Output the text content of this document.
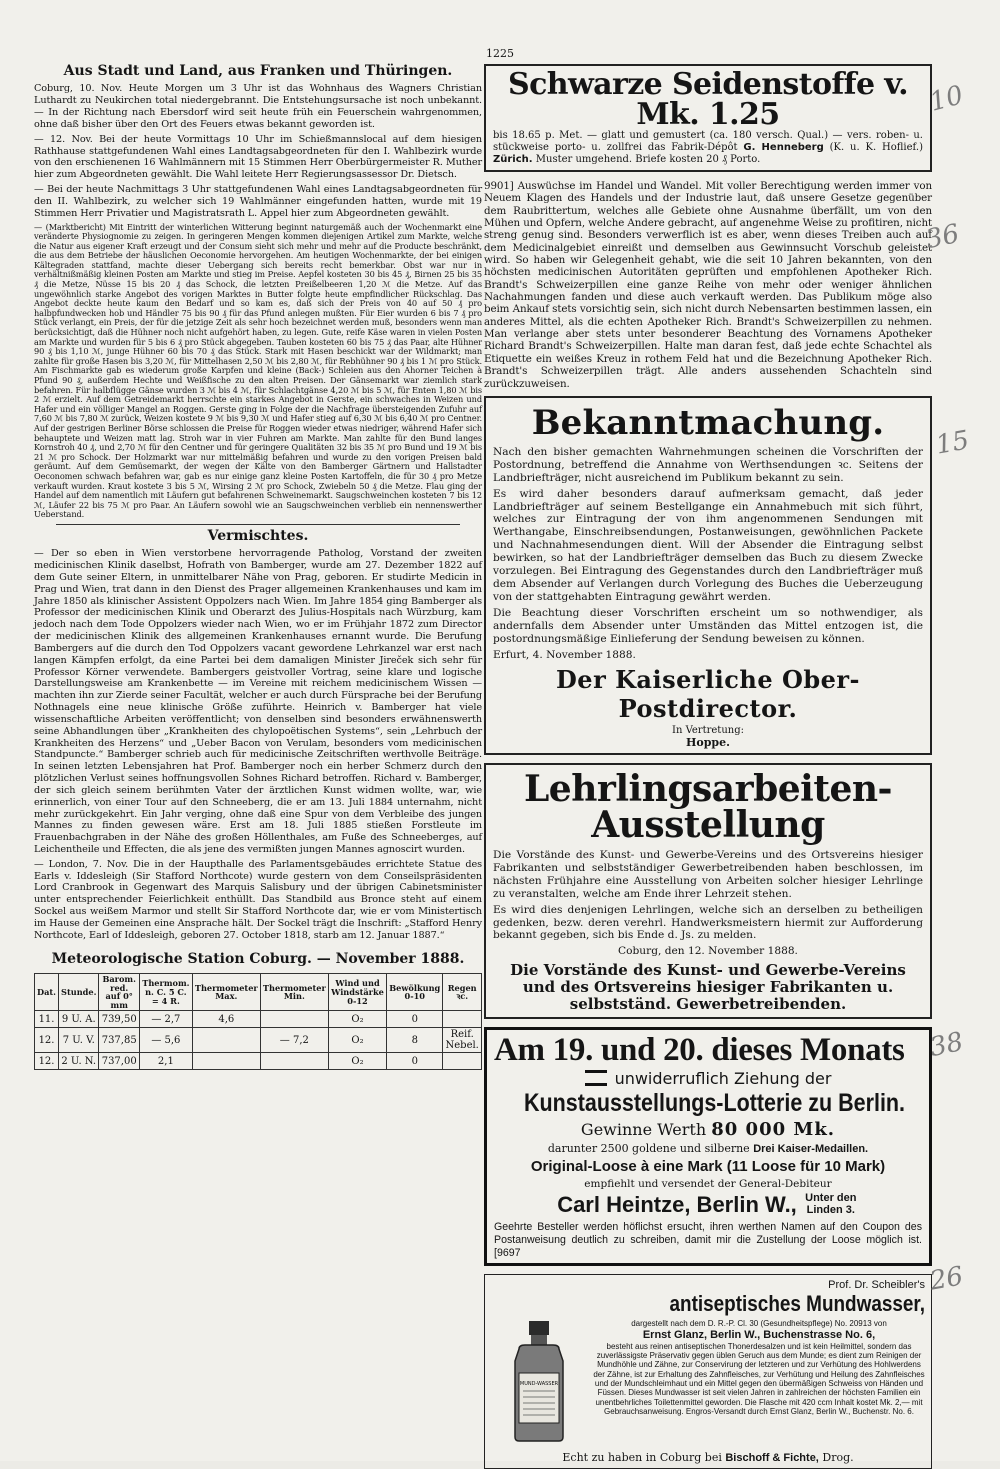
1225
Aus Stadt und Land, aus Franken und Thüringen.

Coburg, 10. Nov. Heute Morgen um 3 Uhr ist das Wohnhaus des Wagners Christian Luthardt zu Neukirchen total niedergebrannt. Die Entstehungsursache ist noch unbekannt. — In der Richtung nach Ebersdorf wird seit heute früh ein Feuerschein wahrgenommen, ohne daß bisher über den Ort des Feuers etwas bekannt geworden ist.

— 12. Nov. Bei der heute Vormittags 10 Uhr im Schießmannslocal auf dem hiesigen Rathhause stattgefundenen Wahl eines Landtagsabgeordneten für den I. Wahlbezirk wurde von den erschienenen 16 Wahlmännern mit 15 Stimmen Herr Oberbürgermeister R. Muther hier zum Abgeordneten gewählt. Die Wahl leitete Herr Regierungsassessor Dr. Dietsch.

— Bei der heute Nachmittags 3 Uhr stattgefundenen Wahl eines Landtagsabgeordneten für den II. Wahlbezirk, zu welcher sich 19 Wahlmänner eingefunden hatten, wurde mit 19 Stimmen Herr Privatier und Magistratsrath L. Appel hier zum Abgeordneten gewählt.

— (Marktbericht) Mit Eintritt der winterlichen Witterung beginnt naturgemäß auch der Wochenmarkt eine veränderte Physiognomie zu zeigen. In geringeren Mengen kommen diejenigen Artikel zum Markte, welche die Natur aus eigener Kraft erzeugt und der Consum sieht sich mehr und mehr auf die Producte beschränkt, die aus dem Betriebe der häuslichen Oeconomie hervorgehen. Am heutigen Wochenmarkte, der bei einigen Kältegraden stattfand, machte dieser Uebergang sich bereits recht bemerkbar. Obst war nur in verhältnißmäßig kleinen Posten am Markte und stieg im Preise. Aepfel kosteten 30 bis 45 ₰, Birnen 25 bis 35 ₰ die Metze, Nüsse 15 bis 20 ₰ das Schock, die letzten Preißelbeeren 1,20 ℳ die Metze. Auf das ungewöhnlich starke Angebot des vorigen Marktes in Butter folgte heute empfindlicher Rückschlag. Das Angebot deckte heute kaum den Bedarf und so kam es, daß sich der Preis von 40 auf 50 ₰ pro halbpfundwecken hob und Händler 75 bis 90 ₰ für das Pfund anlegen mußten. Für Eier wurden 6 bis 7 ₰ pro Stück verlangt, ein Preis, der für die jetzige Zeit als sehr hoch bezeichnet werden muß, besonders wenn man berücksichtigt, daß die Hühner noch nicht aufgehört haben, zu legen. Gute, reife Käse waren in vielen Posten am Markte und wurden für 5 bis 6 ₰ pro Stück abgegeben. Tauben kosteten 60 bis 75 ₰ das Paar, alte Hühner 90 ₰ bis 1,10 ℳ, junge Hühner 60 bis 70 ₰ das Stück. Stark mit Hasen beschickt war der Wildmarkt; man zahlte für große Hasen bis 3,20 ℳ, für Mittelhasen 2,50 ℳ bis 2,80 ℳ, für Rebhühner 90 ₰ bis 1 ℳ pro Stück. Am Fischmarkte gab es wiederum große Karpfen und kleine (Back-) Schleien aus den Ahorner Teichen à Pfund 90 ₰, außerdem Hechte und Weißfische zu den alten Preisen. Der Gänsemarkt war ziemlich stark befahren. Für halbflügge Gänse wurden 3 ℳ bis 4 ℳ, für Schlachtgänse 4,20 ℳ bis 5 ℳ, für Enten 1,80 ℳ bis 2 ℳ erzielt. Auf dem Getreidemarkt herrschte ein starkes Angebot in Gerste, ein schwaches in Weizen und Hafer und ein völliger Mangel an Roggen. Gerste ging in Folge der die Nachfrage übersteigenden Zufuhr auf 7,60 ℳ bis 7,80 ℳ zurück, Weizen kostete 9 ℳ bis 9,30 ℳ und Hafer stieg auf 6,30 ℳ bis 6,40 ℳ pro Centner. Auf der gestrigen Berliner Börse schlossen die Preise für Roggen wieder etwas niedriger, während Hafer sich behauptete und Weizen matt lag. Stroh war in vier Fuhren am Markte. Man zahlte für den Bund langes Kornstroh 40 ₰, und 2,70 ℳ für den Centner und für geringere Qualitäten 32 bis 35 ℳ pro Bund und 19 ℳ bis 21 ℳ pro Schock. Der Holzmarkt war nur mittelmäßig befahren und wurde zu den vorigen Preisen bald geräumt. Auf dem Gemüsemarkt, der wegen der Kälte von den Bamberger Gärtnern und Hallstadter Oeconomen schwach befahren war, gab es nur einige ganz kleine Posten Kartoffeln, die für 30 ₰ pro Metze verkauft wurden. Kraut kostete 3 bis 5 ℳ, Wirsing 2 ℳ pro Schock, Zwiebeln 50 ₰ die Metze. Flau ging der Handel auf dem namentlich mit Läufern gut befahrenen Schweinemarkt. Saugschweinchen kosteten 7 bis 12 ℳ, Läufer 22 bis 75 ℳ pro Paar. An Läufern sowohl wie an Saugschweinchen verblieb ein nennenswerther Ueberstand.

Vermischtes.

— Der so eben in Wien verstorbene hervorragende Patholog, Vorstand der zweiten medicinischen Klinik daselbst, Hofrath von Bamberger, wurde am 27. Dezember 1822 auf dem Gute seiner Eltern, in unmittelbarer Nähe von Prag, geboren. Er studirte Medicin in Prag und Wien, trat dann in den Dienst des Prager allgemeinen Krankenhauses und kam im Jahre 1850 als klinischer Assistent Oppolzers nach Wien. Im Jahre 1854 ging Bamberger als Professor der medicinischen Klinik und Oberarzt des Julius-Hospitals nach Würzburg, kam jedoch nach dem Tode Oppolzers wieder nach Wien, wo er im Frühjahr 1872 zum Director der medicinischen Klinik des allgemeinen Krankenhauses ernannt wurde. Die Berufung Bambergers auf die durch den Tod Oppolzers vacant gewordene Lehrkanzel war erst nach langen Kämpfen erfolgt, da eine Partei bei dem damaligen Minister Jireček sich sehr für Professor Körner verwendete. Bambergers geistvoller Vortrag, seine klare und logische Darstellungsweise am Krankenbette — im Vereine mit reichem medicinischem Wissen — machten ihn zur Zierde seiner Facultät, welcher er auch durch Fürsprache bei der Berufung Nothnagels eine neue klinische Größe zuführte. Heinrich v. Bamberger hat viele wissenschaftliche Arbeiten veröffentlicht; von denselben sind besonders erwähnenswerth seine Abhandlungen über „Krankheiten des chylopoëtischen Systems“, sein „Lehrbuch der Krankheiten des Herzens“ und „Ueber Bacon von Verulam, besonders vom medicinischen Standpuncte.“ Bamberger schrieb auch für medicinische Zeitschriften werthvolle Beiträge. In seinen letzten Lebensjahren hat Prof. Bamberger noch ein herber Schmerz durch den plötzlichen Verlust seines hoffnungsvollen Sohnes Richard betroffen. Richard v. Bamberger, der sich gleich seinem berühmten Vater der ärztlichen Kunst widmen wollte, war, wie erinnerlich, von einer Tour auf den Schneeberg, die er am 13. Juli 1884 unternahm, nicht mehr zurückgekehrt. Ein Jahr verging, ohne daß eine Spur von dem Verbleibe des jungen Mannes zu finden gewesen wäre. Erst am 18. Juli 1885 stießen Forstleute im Frauenbachgraben in der Nähe des großen Höllenthales, am Fuße des Schneeberges, auf Leichentheile und Effecten, die als jene des vermißten jungen Mannes agnoscirt wurden.

— London, 7. Nov. Die in der Haupthalle des Parlamentsgebäudes errichtete Statue des Earls v. Iddesleigh (Sir Stafford Northcote) wurde gestern von dem Conseilspräsidenten Lord Cranbrook in Gegenwart des Marquis Salisbury und der übrigen Cabinetsminister unter entsprechender Feierlichkeit enthüllt. Das Standbild aus Bronce steht auf einem Sockel aus weißem Marmor und stellt Sir Stafford Northcote dar, wie er vom Ministertisch im Hause der Gemeinen eine Ansprache hält. Der Sockel trägt die Inschrift: „Stafford Henry Northcote, Earl of Iddesleigh, geboren 27. October 1818, starb am 12. Januar 1887.“

Meteorologische Station Coburg. — November 1888.
Dat.	Stunde.	Barom. red. auf 0° mm	Thermom. n. C. 5 C. = 4 R.	Thermometer Max.	Thermometer Min.	Wind und Windstärke 0-12	Bewölkung 0-10	Regen ꝛc.
11.	9 U. A.	739,50	— 2,7	4,6		O₂	0	
12.	7 U. V.	737,85	— 5,6		— 7,2	O₂	8	Reif. Nebel.
12.	2 U. N.	737,00	2,1			O₂	0	
Schwarze Seidenstoffe v. Mk. 1.25
bis 18.65 p. Met. — glatt und gemustert (ca. 180 versch. Qual.) — vers. roben- u. stückweise porto- u. zollfrei das Fabrik-Dépôt G. Henneberg (K. u. K. Hoflief.) Zürich. Muster umgehend. Briefe kosten 20 ₰ Porto.

9901] Auswüchse im Handel und Wandel. Mit voller Berechtigung werden immer von Neuem Klagen des Handels und der Industrie laut, daß unsere Gesetze gegenüber dem Raubrittertum, welches alle Gebiete ohne Ausnahme überfällt, um von den Mühen und Opfern, welche Andere gebracht, auf angenehme Weise zu profitiren, nicht streng genug sind. Besonders verwerflich ist es aber, wenn dieses Treiben auch auf dem Medicinalgebiet einreißt und demselben aus Gewinnsucht Vorschub geleistet wird. So haben wir Gelegenheit gehabt, wie die seit 10 Jahren bekannten, von den höchsten medicinischen Autoritäten geprüften und empfohlenen Apotheker Rich. Brandt's Schweizerpillen eine ganze Reihe von mehr oder weniger ähnlichen Nachahmungen fanden und diese auch verkauft werden. Das Publikum möge also beim Ankauf stets vorsichtig sein, sich nicht durch Nebensarten bestimmen lassen, ein anderes Mittel, als die echten Apotheker Rich. Brandt's Schweizerpillen zu nehmen. Man verlange aber stets unter besonderer Beachtung des Vornamens Apotheker Richard Brandt's Schweizerpillen. Halte man daran fest, daß jede echte Schachtel als Etiquette ein weißes Kreuz in rothem Feld hat und die Bezeichnung Apotheker Rich. Brandt's Schweizerpillen trägt. Alle anders aussehenden Schachteln sind zurückzuweisen.

Bekanntmachung.

Nach den bisher gemachten Wahrnehmungen scheinen die Vorschriften der Postordnung, betreffend die Annahme von Werthsendungen ꝛc. Seitens der Landbriefträger, nicht ausreichend im Publikum bekannt zu sein.

Es wird daher besonders darauf aufmerksam gemacht, daß jeder Landbriefträger auf seinem Bestellgange ein Annahmebuch mit sich führt, welches zur Eintragung der von ihm angenommenen Sendungen mit Werthangabe, Einschreibsendungen, Postanweisungen, gewöhnlichen Packete und Nachnahmesendungen dient. Will der Absender die Eintragung selbst bewirken, so hat der Landbriefträger demselben das Buch zu diesem Zwecke vorzulegen. Bei Eintragung des Gegenstandes durch den Landbriefträger muß dem Absender auf Verlangen durch Vorlegung des Buches die Ueberzeugung von der stattgehabten Eintragung gewährt werden.

Die Beachtung dieser Vorschriften erscheint um so nothwendiger, als andernfalls dem Absender unter Umständen das Mittel entzogen ist, die postordnungsmäßige Einlieferung der Sendung beweisen zu können.

Erfurt, 4. November 1888.

Der Kaiserliche Ober-Postdirector.

In Vertretung:

Hoppe.

Lehrlingsarbeiten-Ausstellung

Die Vorstände des Kunst- und Gewerbe-Vereins und des Ortsvereins hiesiger Fabrikanten und selbstständiger Gewerbetreibenden haben beschlossen, im nächsten Frühjahre eine Ausstellung von Arbeiten solcher hiesiger Lehrlinge zu veranstalten, welche am Ende ihrer Lehrzeit stehen.

Es wird dies denjenigen Lehrlingen, welche sich an derselben zu betheiligen gedenken, bezw. deren verehrl. Handwerksmeistern hiermit zur Aufforderung bekannt gegeben, sich bis Ende d. Js. zu melden.

Coburg, den 12. November 1888.

Die Vorstände des Kunst- und Gewerbe-Vereins und des Ortsvereins hiesiger Fabrikanten u. selbstständ. Gewerbetreibenden.
Am 19. und 20. dieses Monats
unwiderruflich Ziehung der
Kunstausstellungs-Lotterie zu Berlin.
Gewinne Werth 80 000 Mk.
darunter 2500 goldene und silberne Drei Kaiser-Medaillen.
Original-Loose à eine Mark (11 Loose für 10 Mark)
empfiehlt und versendet der General-Debiteur
Carl Heintze, Berlin W., Unter den Linden 3.
Geehrte Besteller werden höflichst ersucht, ihren werthen Namen auf den Coupon des Postanweisung deutlich zu schreiben, damit mir die Zustellung der Loose möglich ist. [9697

Prof. Dr. Scheibler's

antiseptisches Mundwasser,

MUND-WASSER
dargestellt nach dem D. R.-P. Cl. 30 (Gesundheitspflege) No. 20913 von
Ernst Glanz, Berlin W., Buchenstrasse No. 6,
besteht aus reinen antiseptischen Thonerdesalzen und ist kein Heilmittel, sondern das zuverlässigste Präservativ gegen üblen Geruch aus dem Munde; es dient zum Reinigen der Mundhöhle und Zähne, zur Conservirung der letzteren und zur Verhütung des Hohlwerdens der Zähne, ist zur Erhaltung des Zahnfleisches, zur Verhütung und Heilung des Zahnfleisches und der Mundschleimhaut und ein Mittel gegen den übermäßigen Schweiss von Händen und Füssen. Dieses Mundwasser ist seit vielen Jahren in zahlreichen der höchsten Familien ein unentbehrliches Toilettenmittel geworden. Die Flasche mit 420 ccm Inhalt kostet Mk. 2,— mit Gebrauchsanweisung. Engros-Versandt durch Ernst Glanz, Berlin W., Buchenstr. No. 6.
Echt zu haben in Coburg bei Bischoff & Fichte, Drog.
10
36
15
38
26
